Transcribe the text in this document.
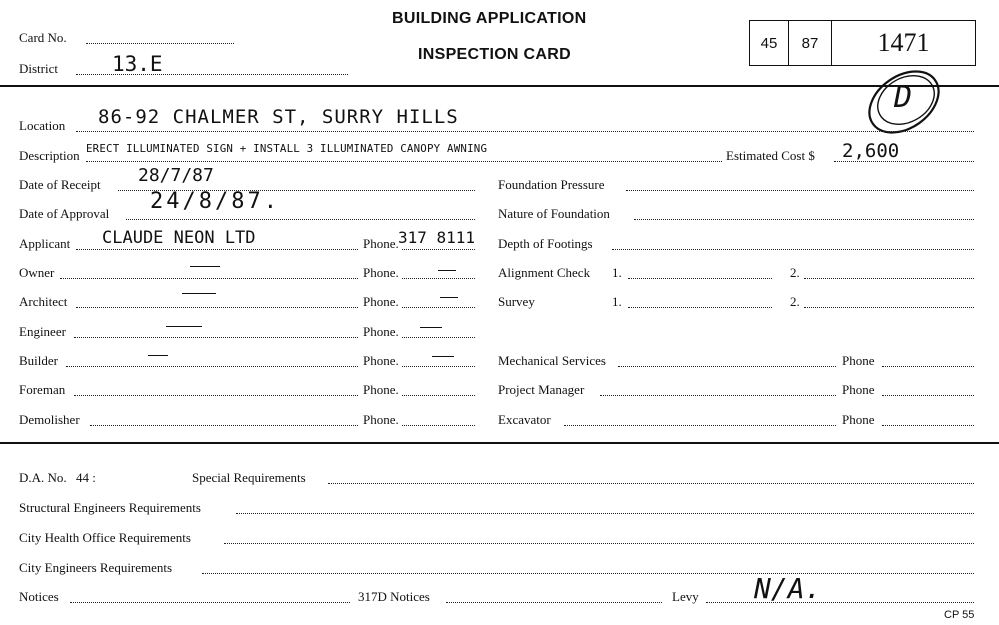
Card No.
District	13.E
BUILDING APPLICATION
INSPECTION CARD
45 87 1471
D
Location 86-92 CHALMER ST, SURRY HILLS
Description ERECT ILLUMINATED SIGN + INSTALL 3 ILLUMINATED CANOPY AWNING	Estimated Cost $ 2,600
Date of Receipt 28/7/87
Date of Approval 24/8/87.
Applicant CLAUDE NEON LTD	Phone. 317 8111
Owner	Phone.
Architect	Phone.
Engineer	Phone.
Builder	Phone.
Foreman	Phone.
Demolisher	Phone.
Foundation Pressure
Nature of Foundation
Depth of Footings
Alignment Check 1.	2.
Survey	1.	2.
Mechanical Services	Phone
Project Manager	Phone
Excavator	Phone
D.A. No. 44 :	Special Requirements
Structural Engineers Requirements
City Health Office Requirements
City Engineers Requirements
Notices	317D Notices	Levy N/A.
CP 55
